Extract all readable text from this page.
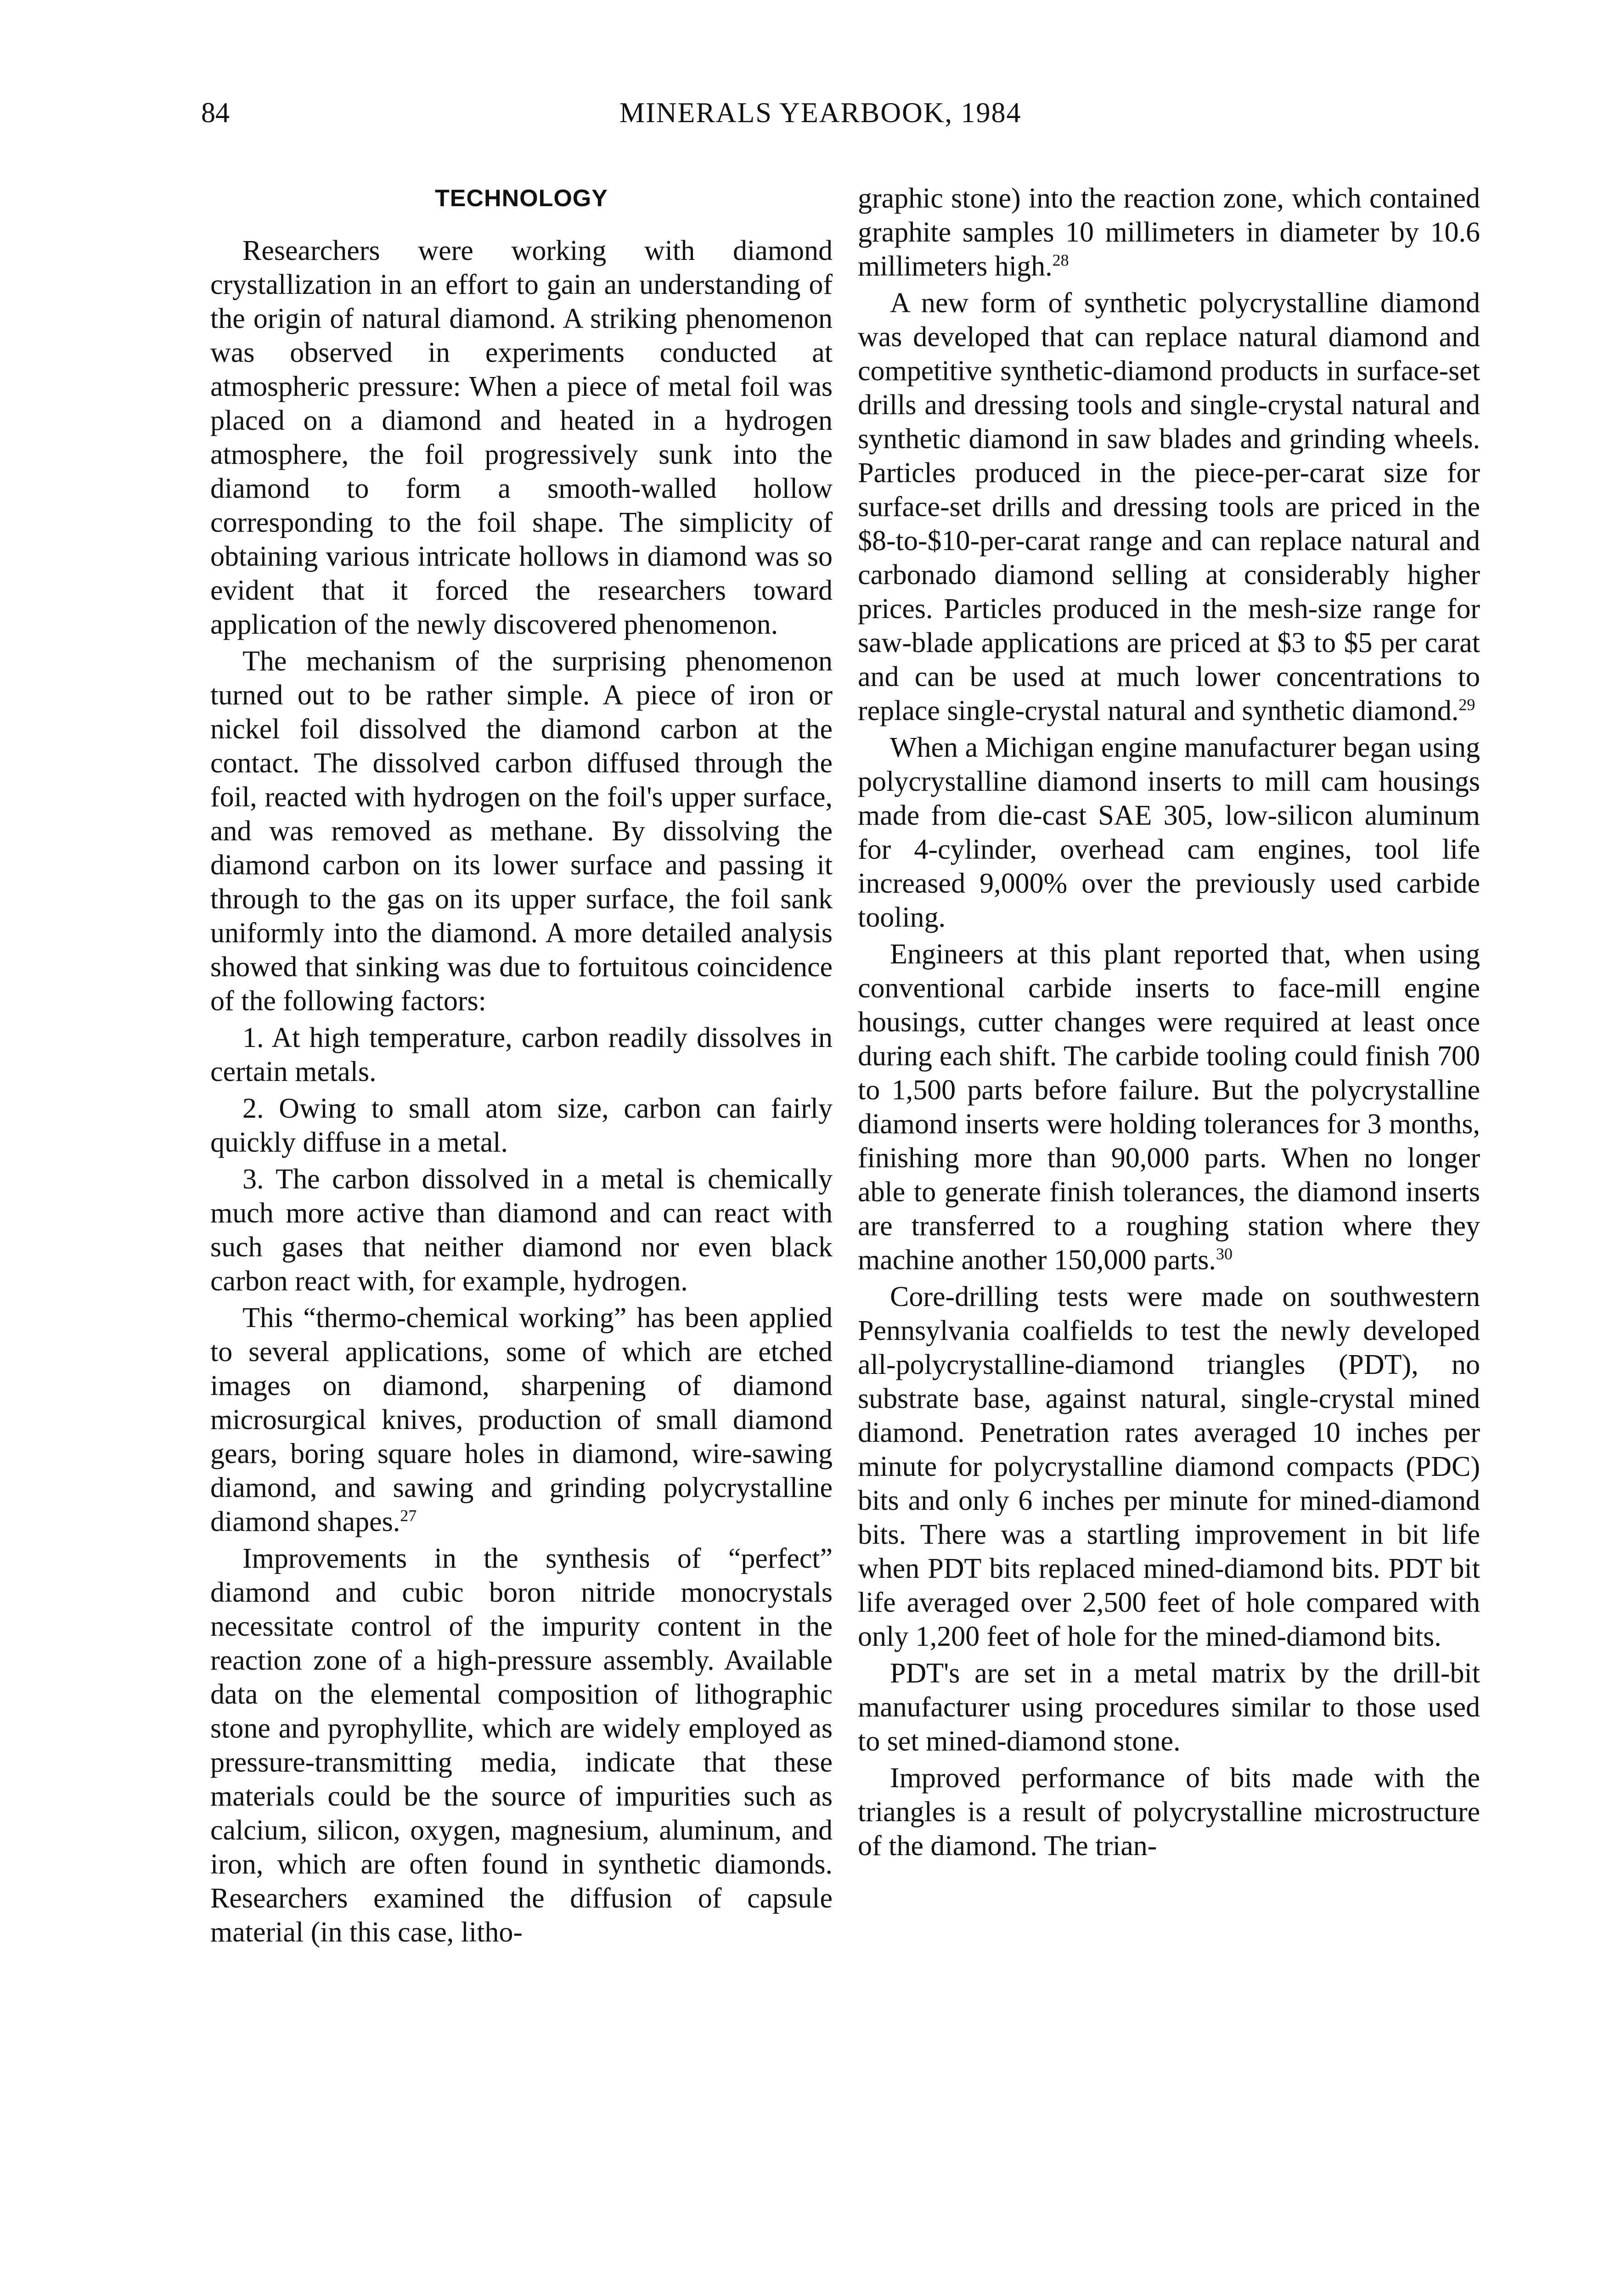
84	MINERALS YEARBOOK, 1984
TECHNOLOGY

Researchers were working with diamond crystallization in an effort to gain an understanding of the origin of natural diamond. A striking phenomenon was observed in experiments conducted at atmospheric pressure: When a piece of metal foil was placed on a diamond and heated in a hydrogen atmosphere, the foil progressively sunk into the diamond to form a smooth-walled hollow corresponding to the foil shape. The simplicity of obtaining various intricate hollows in diamond was so evident that it forced the researchers toward application of the newly discovered phenomenon.

The mechanism of the surprising phenomenon turned out to be rather simple. A piece of iron or nickel foil dissolved the diamond carbon at the contact. The dissolved carbon diffused through the foil, reacted with hydrogen on the foil's upper surface, and was removed as methane. By dissolving the diamond carbon on its lower surface and passing it through to the gas on its upper surface, the foil sank uniformly into the diamond. A more detailed analysis showed that sinking was due to fortuitous coincidence of the following factors:

1. At high temperature, carbon readily dissolves in certain metals.

2. Owing to small atom size, carbon can fairly quickly diffuse in a metal.

3. The carbon dissolved in a metal is chemically much more active than diamond and can react with such gases that neither diamond nor even black carbon react with, for example, hydrogen.

This “thermo-chemical working” has been applied to several applications, some of which are etched images on diamond, sharpening of diamond microsurgical knives, production of small diamond gears, boring square holes in diamond, wire-sawing diamond, and sawing and grinding polycrystalline diamond shapes.$^{27}$

Improvements in the synthesis of “perfect” diamond and cubic boron nitride monocrystals necessitate control of the impurity content in the reaction zone of a high-pressure assembly. Available data on the elemental composition of lithographic stone and pyrophyllite, which are widely employed as pressure-transmitting media, indicate that these materials could be the source of impurities such as calcium, silicon, oxygen, magnesium, aluminum, and iron, which are often found in synthetic diamonds. Researchers examined the diffusion of capsule material (in this case, litho-

graphic stone) into the reaction zone, which contained graphite samples 10 millimeters in diameter by 10.6 millimeters high.$^{28}$

A new form of synthetic polycrystalline diamond was developed that can replace natural diamond and competitive synthetic-diamond products in surface-set drills and dressing tools and single-crystal natural and synthetic diamond in saw blades and grinding wheels. Particles produced in the piece-per-carat size for surface-set drills and dressing tools are priced in the $8-to-$10-per-carat range and can replace natural and carbonado diamond selling at considerably higher prices. Particles produced in the mesh-size range for saw-blade applications are priced at $3 to $5 per carat and can be used at much lower concentrations to replace single-crystal natural and synthetic diamond.$^{29}$

When a Michigan engine manufacturer began using polycrystalline diamond inserts to mill cam housings made from die-cast SAE 305, low-silicon aluminum for 4-cylinder, overhead cam engines, tool life increased 9,000% over the previously used carbide tooling.

Engineers at this plant reported that, when using conventional carbide inserts to face-mill engine housings, cutter changes were required at least once during each shift. The carbide tooling could finish 700 to 1,500 parts before failure. But the polycrystalline diamond inserts were holding tolerances for 3 months, finishing more than 90,000 parts. When no longer able to generate finish tolerances, the diamond inserts are transferred to a roughing station where they machine another 150,000 parts.$^{30}$

Core-drilling tests were made on southwestern Pennsylvania coalfields to test the newly developed all-polycrystalline-diamond triangles (PDT), no substrate base, against natural, single-crystal mined diamond. Penetration rates averaged 10 inches per minute for polycrystalline diamond compacts (PDC) bits and only 6 inches per minute for mined-diamond bits. There was a startling improvement in bit life when PDT bits replaced mined-diamond bits. PDT bit life averaged over 2,500 feet of hole compared with only 1,200 feet of hole for the mined-diamond bits.

PDT's are set in a metal matrix by the drill-bit manufacturer using procedures similar to those used to set mined-diamond stone.

Improved performance of bits made with the triangles is a result of polycrystalline microstructure of the diamond. The trian-
